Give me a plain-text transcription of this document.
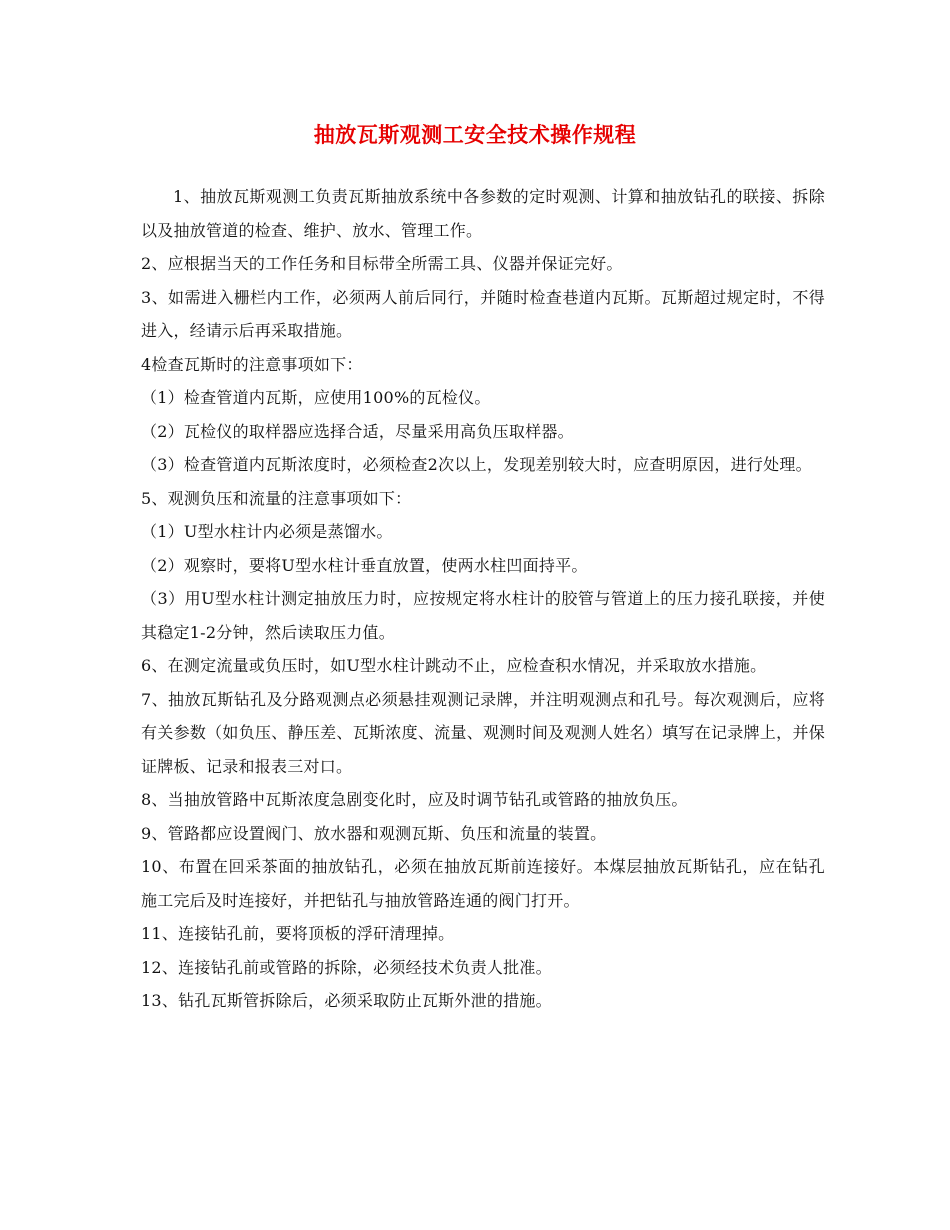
抽放瓦斯观测工安全技术操作规程

1、抽放瓦斯观测工负责瓦斯抽放系统中各参数的定时观测、计算和抽放钻孔的联接、拆除以及抽放管道的检查、维护、放水、管理工作。

2、应根据当天的工作任务和目标带全所需工具、仪器并保证完好。

3、如需进入栅栏内工作，必须两人前后同行，并随时检查巷道内瓦斯。瓦斯超过规定时，不得进入，经请示后再采取措施。

4检查瓦斯时的注意事项如下：

（1）检查管道内瓦斯，应使用100%的瓦检仪。

（2）瓦检仪的取样器应选择合适，尽量采用高负压取样器。

（3）检查管道内瓦斯浓度时，必须检查2次以上，发现差别较大时，应查明原因，进行处理。

5、观测负压和流量的注意事项如下：

（1）U型水柱计内必须是蒸馏水。

（2）观察时，要将U型水柱计垂直放置，使两水柱凹面持平。

（3）用U型水柱计测定抽放压力时，应按规定将水柱计的胶管与管道上的压力接孔联接，并使其稳定1-2分钟，然后读取压力值。

6、在测定流量或负压时，如U型水柱计跳动不止，应检查积水情况，并采取放水措施。

7、抽放瓦斯钻孔及分路观测点必须悬挂观测记录牌，并注明观测点和孔号。每次观测后，应将有关参数（如负压、静压差、瓦斯浓度、流量、观测时间及观测人姓名）填写在记录牌上，并保证牌板、记录和报表三对口。

8、当抽放管路中瓦斯浓度急剧变化时，应及时调节钻孔或管路的抽放负压。

9、管路都应设置阀门、放水器和观测瓦斯、负压和流量的装置。

10、布置在回采茶面的抽放钻孔，必须在抽放瓦斯前连接好。本煤层抽放瓦斯钻孔，应在钻孔施工完后及时连接好，并把钻孔与抽放管路连通的阀门打开。

11、连接钻孔前，要将顶板的浮矸清理掉。

12、连接钻孔前或管路的拆除，必须经技术负责人批准。

13、钻孔瓦斯管拆除后，必须采取防止瓦斯外泄的措施。
